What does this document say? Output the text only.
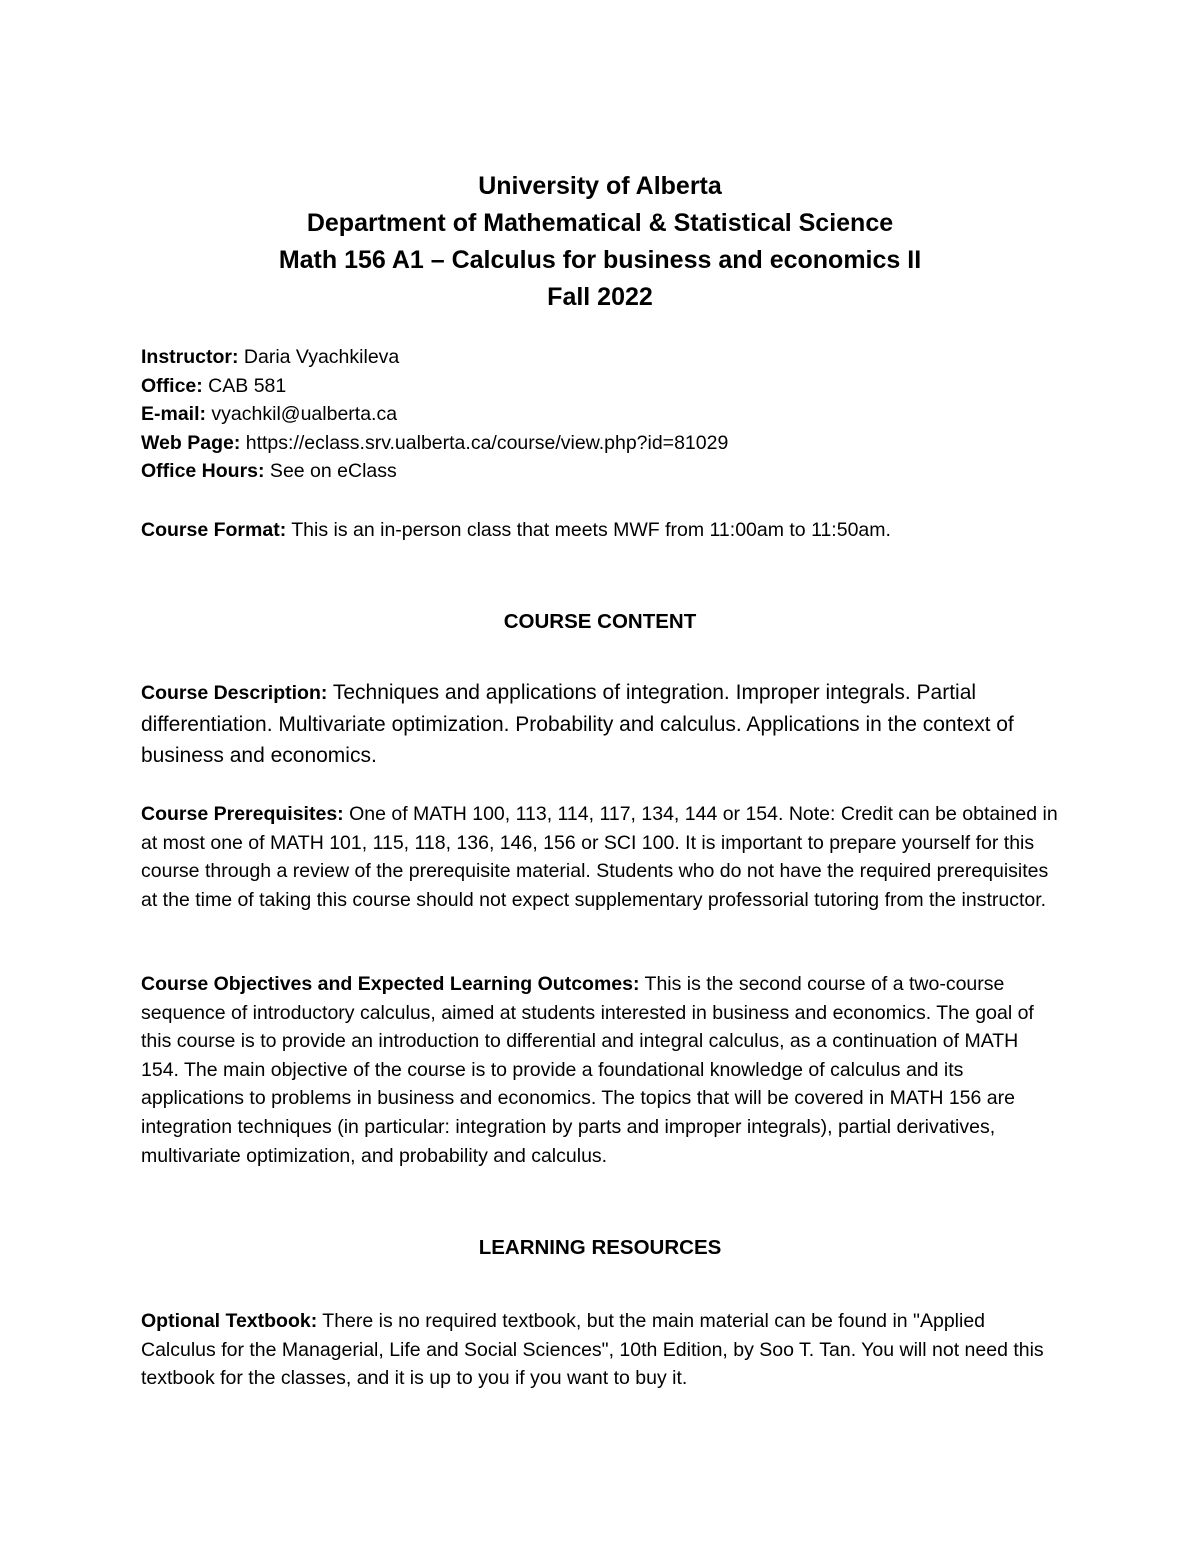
University of Alberta
Department of Mathematical & Statistical Science
Math 156 A1 – Calculus for business and economics II
Fall 2022
Instructor: Daria Vyachkileva
Office: CAB 581
E-mail: vyachkil@ualberta.ca
Web Page: https://eclass.srv.ualberta.ca/course/view.php?id=81029
Office Hours: See on eClass
Course Format: This is an in-person class that meets MWF from 11:00am to 11:50am.
COURSE CONTENT
Course Description: Techniques and applications of integration. Improper integrals. Partial differentiation. Multivariate optimization. Probability and calculus. Applications in the context of business and economics.
Course Prerequisites: One of MATH 100, 113, 114, 117, 134, 144 or 154. Note: Credit can be obtained in at most one of MATH 101, 115, 118, 136, 146, 156 or SCI 100. It is important to prepare yourself for this course through a review of the prerequisite material. Students who do not have the required prerequisites at the time of taking this course should not expect supplementary professorial tutoring from the instructor.
Course Objectives and Expected Learning Outcomes: This is the second course of a two-course sequence of introductory calculus, aimed at students interested in business and economics. The goal of this course is to provide an introduction to differential and integral calculus, as a continuation of MATH 154. The main objective of the course is to provide a foundational knowledge of calculus and its applications to problems in business and economics. The topics that will be covered in MATH 156 are integration techniques (in particular: integration by parts and improper integrals), partial derivatives, multivariate optimization, and probability and calculus.
LEARNING RESOURCES
Optional Textbook: There is no required textbook, but the main material can be found in "Applied Calculus for the Managerial, Life and Social Sciences", 10th Edition, by Soo T. Tan. You will not need this textbook for the classes, and it is up to you if you want to buy it.
